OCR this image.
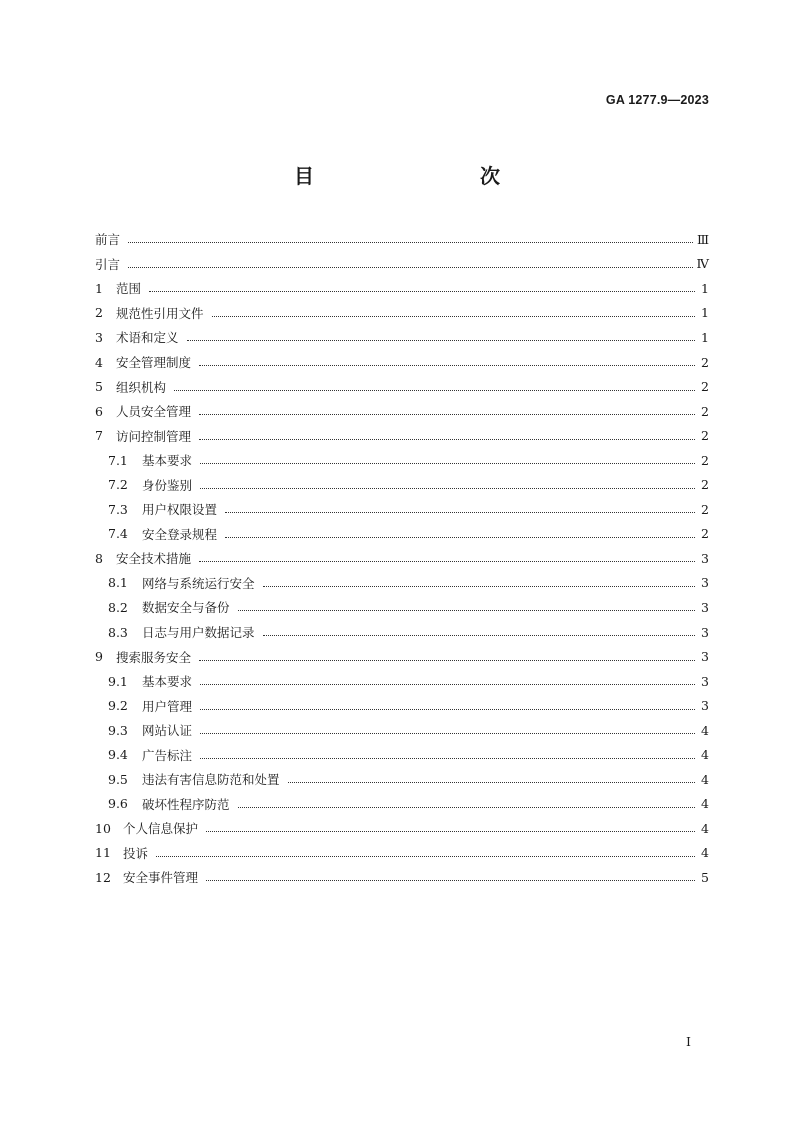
GA 1277.9—2023
目　　次
前言	Ⅲ
引言	Ⅳ
1	范围	1
2	规范性引用文件	1
3	术语和定义	1
4	安全管理制度	2
5	组织机构	2
6	人员安全管理	2
7	访问控制管理	2
7.1	基本要求	2
7.2	身份鉴别	2
7.3	用户权限设置	2
7.4	安全登录规程	2
8	安全技术措施	3
8.1	网络与系统运行安全	3
8.2	数据安全与备份	3
8.3	日志与用户数据记录	3
9	搜索服务安全	3
9.1	基本要求	3
9.2	用户管理	3
9.3	网站认证	4
9.4	广告标注	4
9.5	违法有害信息防范和处置	4
9.6	破坏性程序防范	4
10 个人信息保护	4
11 投诉	4
12 安全事件管理	5
I
